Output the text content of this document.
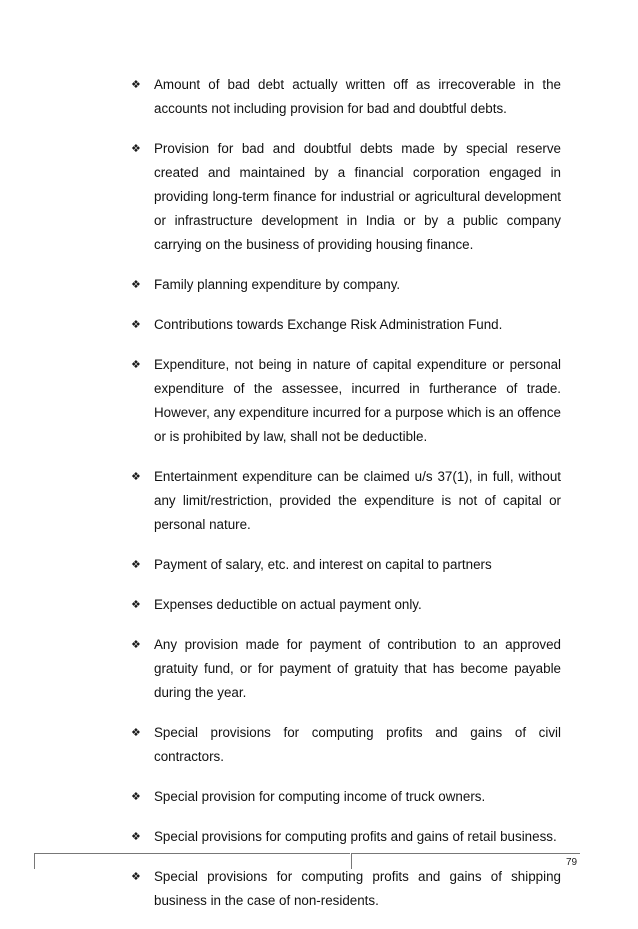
❖ Amount of bad debt actually written off as irrecoverable in the accounts not including provision for bad and doubtful debts.
❖ Provision for bad and doubtful debts made by special reserve created and maintained by a financial corporation engaged in providing long-term finance for industrial or agricultural development or infrastructure development in India or by a public company carrying on the business of providing housing finance.
❖ Family planning expenditure by company.
❖ Contributions towards Exchange Risk Administration Fund.
❖ Expenditure, not being in nature of capital expenditure or personal expenditure of the assessee, incurred in furtherance of trade. However, any expenditure incurred for a purpose which is an offence or is prohibited by law, shall not be deductible.
❖ Entertainment expenditure can be claimed u/s 37(1), in full, without any limit/restriction, provided the expenditure is not of capital or personal nature.
❖ Payment of salary, etc. and interest on capital to partners
❖ Expenses deductible on actual payment only.
❖ Any provision made for payment of contribution to an approved gratuity fund, or for payment of gratuity that has become payable during the year.
❖ Special provisions for computing profits and gains of civil contractors.
❖ Special provision for computing income of truck owners.
❖ Special provisions for computing profits and gains of retail business.
❖ Special provisions for computing profits and gains of shipping business in the case of non-residents.
79
